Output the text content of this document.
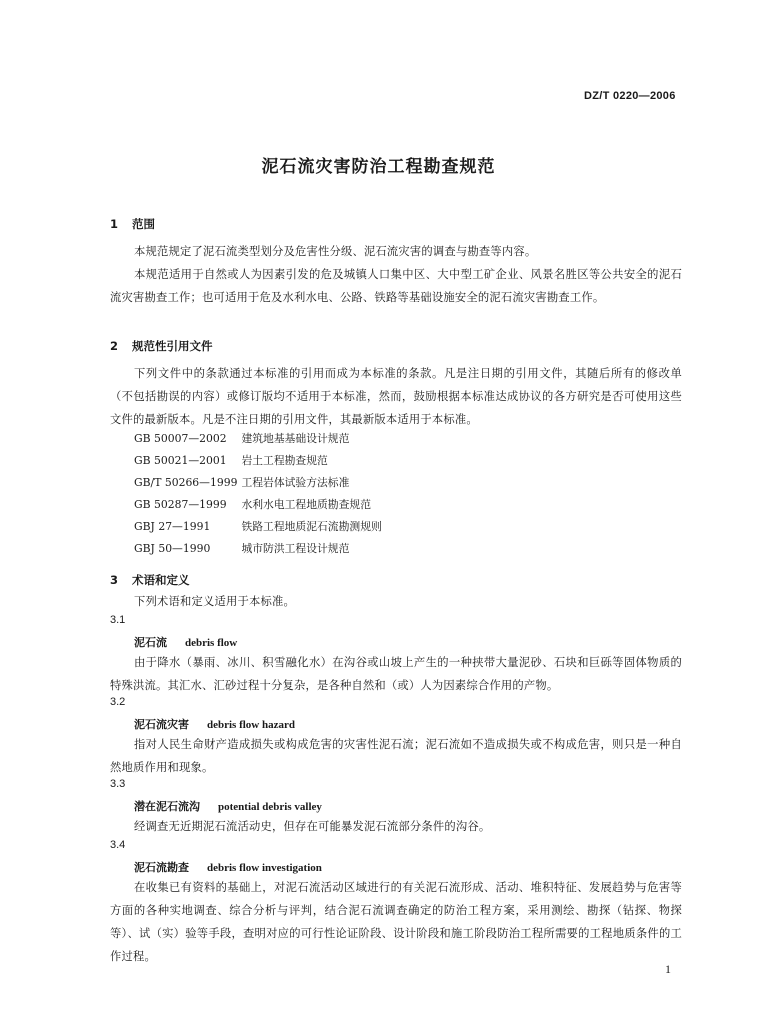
DZ/T 0220—2006
泥石流灾害防治工程勘查规范
1 范围
本规范规定了泥石流类型划分及危害性分级、泥石流灾害的调查与勘查等内容。
本规范适用于自然或人为因素引发的危及城镇人口集中区、大中型工矿企业、风景名胜区等公共安全的泥石流灾害勘查工作；也可适用于危及水利水电、公路、铁路等基础设施安全的泥石流灾害勘查工作。
2 规范性引用文件
下列文件中的条款通过本标准的引用而成为本标准的条款。凡是注日期的引用文件，其随后所有的修改单（不包括勘误的内容）或修订版均不适用于本标准，然而，鼓励根据本标准达成协议的各方研究是否可使用这些文件的最新版本。凡是不注日期的引用文件，其最新版本适用于本标准。
GB 50007—2002 建筑地基基础设计规范
GB 50021—2001 岩土工程勘查规范
GB/T 50266—1999 工程岩体试验方法标准
GB 50287—1999 水利水电工程地质勘查规范
GBJ 27—1991	铁路工程地质泥石流勘测规则
GBJ 50—1990	城市防洪工程设计规范
3 术语和定义
下列术语和定义适用于本标准。
3.1
泥石流 debris flow
由于降水（暴雨、冰川、积雪融化水）在沟谷或山坡上产生的一种挟带大量泥砂、石块和巨砾等固体物质的特殊洪流。其汇水、汇砂过程十分复杂，是各种自然和（或）人为因素综合作用的产物。
3.2
泥石流灾害 debris flow hazard
指对人民生命财产造成损失或构成危害的灾害性泥石流；泥石流如不造成损失或不构成危害，则只是一种自然地质作用和现象。
3.3
潜在泥石流沟 potential debris valley
经调查无近期泥石流活动史，但存在可能暴发泥石流部分条件的沟谷。
3.4
泥石流勘查 debris flow investigation
在收集已有资料的基础上，对泥石流活动区域进行的有关泥石流形成、活动、堆积特征、发展趋势与危害等方面的各种实地调查、综合分析与评判，结合泥石流调查确定的防治工程方案，采用测绘、勘探（钻探、物探等）、试（实）验等手段，查明对应的可行性论证阶段、设计阶段和施工阶段防治工程所需要的工程地质条件的工作过程。
1
